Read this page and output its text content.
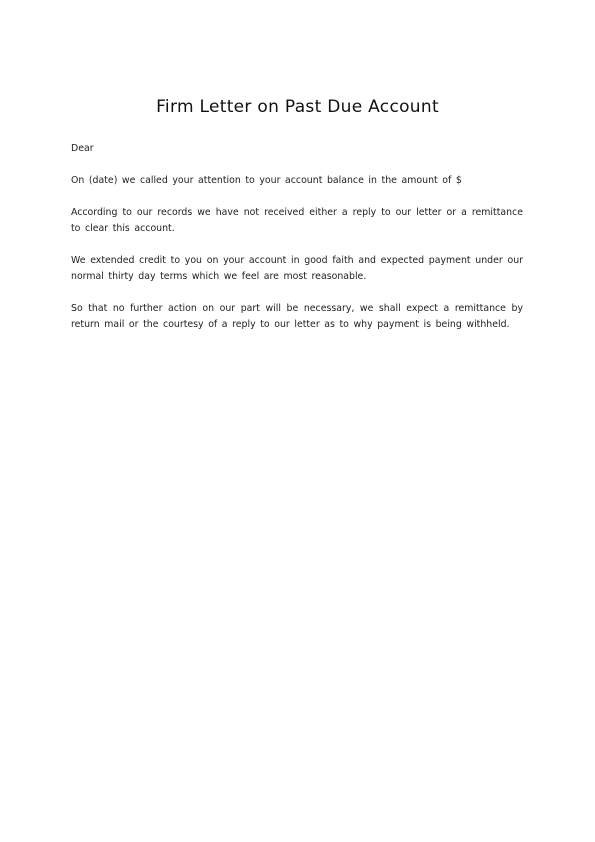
Firm Letter on Past Due Account
Dear
On (date) we called your attention to your account balance in the amount of $
According to our records we have not received either a reply to our letter or a remittance to clear this account.
We extended credit to you on your account in good faith and expected payment under our normal thirty day terms which we feel are most reasonable.
So that no further action on our part will be necessary, we shall expect a remittance by return mail or the courtesy of a reply to our letter as to why payment is being withheld.
